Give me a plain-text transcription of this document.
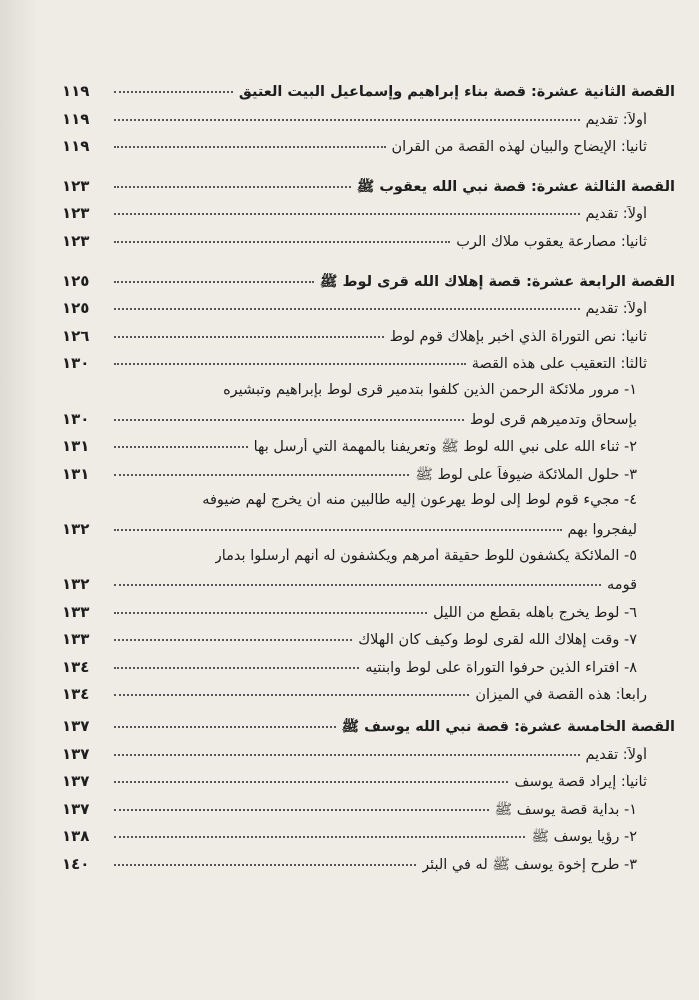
القصة الثانية عشرة: قصة بناء إبراهيم وإسماعيل البيت العتيق
١١٩
أولاً: تقديم
١١٩
ثانياً: الإيضاح والبيان لهذه القصة من القرآن
١١٩
القصة الثالثة عشرة: قصة نبي الله يعقوب ﷺ
١٢٣
أولاً: تقديم
١٢٣
ثانياً: مصارعة يعقوب ملاك الرب
١٢٣
القصة الرابعة عشرة: قصة إهلاك الله قرى لوط ﷺ
١٢٥
أولاً: تقديم
١٢٥
ثانياً: نص التوراة الذي أخبر بإهلاك قوم لوط
١٢٦
ثالثاً: التعقيب على هذه القصة
١٣٠
١- مرور ملائكة الرحمن الذين كلفوا بتدمير قرى لوط بإبراهيم وتبشيره
بإسحاق وتدميرهم قرى لوط
١٣٠
٢- ثناء الله على نبي الله لوط ﷺ وتعريفنا بالمهمة التي أرسل بها
١٣١
٣- حلول الملائكة ضيوفاً على لوط ﷺ
١٣١
٤- مجيء قوم لوط إلى لوط يهرعون إليه طالبين منه أن يخرج لهم ضيوفه
ليفجروا بهم
١٣٢
٥- الملائكة يكشفون للوط حقيقة أمرهم ويكشفون له أنهم أرسلوا بدمار
قومه
١٣٢
٦- لوط يخرج بأهله بقطع من الليل
١٣٣
٧- وقت إهلاك الله لقرى لوط وكيف كان الهلاك
١٣٣
٨- افتراء الذين حرفوا التوراة على لوط وابنتيه
١٣٤
رابعاً: هذه القصة في الميزان
١٣٤
القصة الخامسة عشرة: قصة نبي الله يوسف ﷺ
١٣٧
أولاً: تقديم
١٣٧
ثانياً: إيراد قصة يوسف
١٣٧
١- بداية قصة يوسف ﷺ
١٣٧
٢- رؤيا يوسف ﷺ
١٣٨
٣- طرح إخوة يوسف ﷺ له في البئر
١٤٠
